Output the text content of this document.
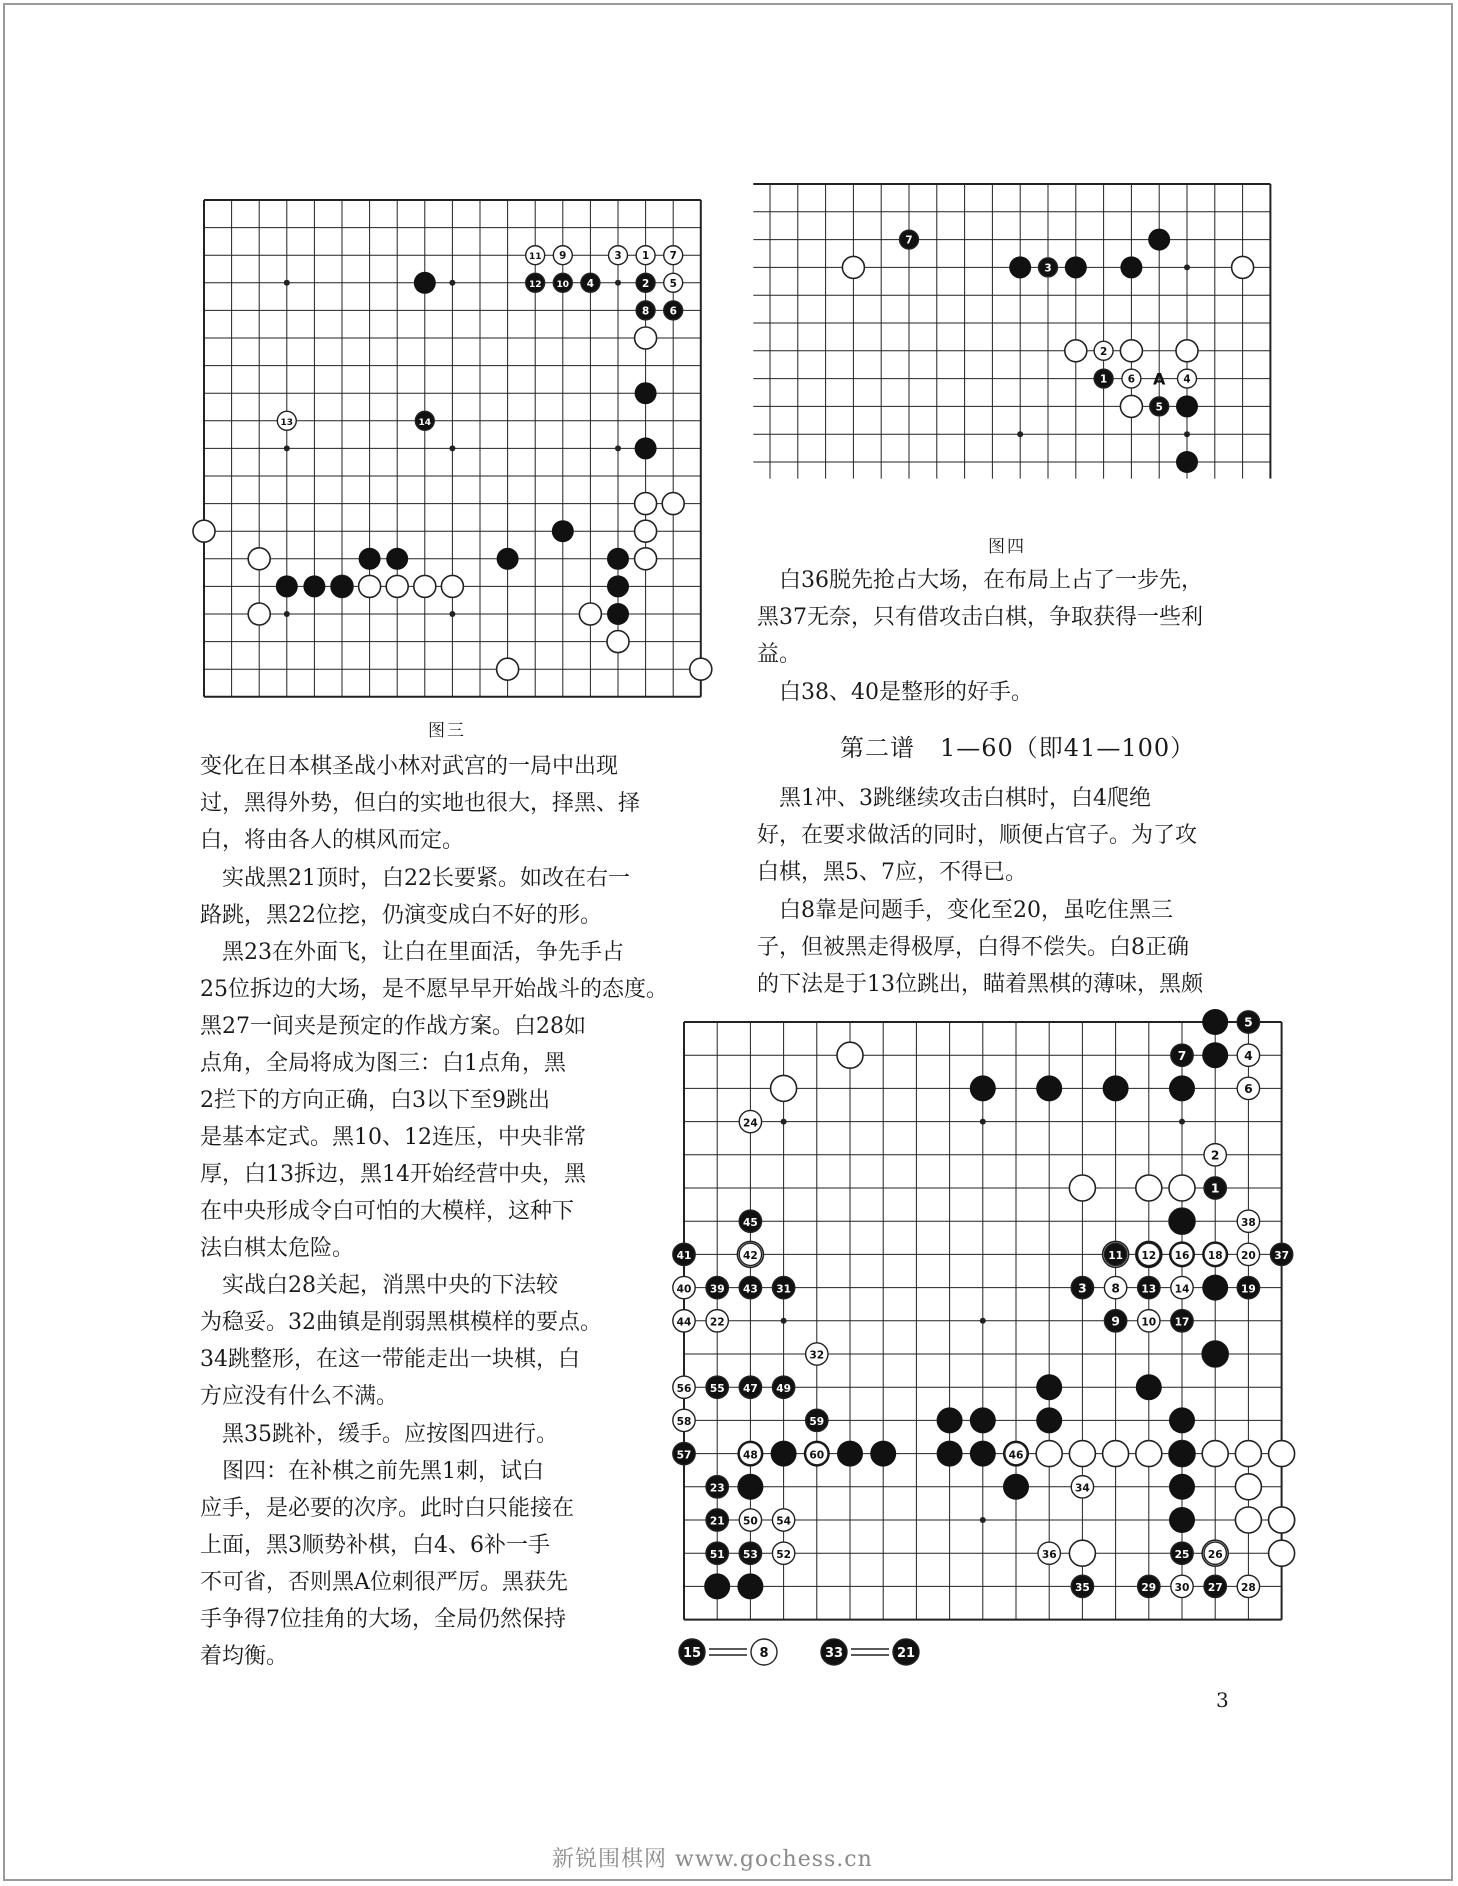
11 9	3 1 7
12 10 4	2 5
8 6
13	14
图三
7
3
2
1 6	4
5
A
图四
5
7	4
6
24
2
1
45	38
41	42	11 12 16 18 20 37
40 39 43 31	3 8 13 14	19
44 22	9 10 17
32
56 55 47 49
58	59
57	48	60	46
23	34
21 50 54
51 53 52	36	25 26
35	29 30 27 28
15	8	33	21

变化在日本棋圣战小林对武宫的一局中出现
过，黑得外势，但白的实地也很大，择黑、择
白，将由各人的棋风而定。

　实战黑21顶时，白22长要紧。如改在右一
路跳，黑22位挖，仍演变成白不好的形。

　黑23在外面飞，让白在里面活，争先手占
25位拆边的大场，是不愿早早开始战斗的态度。

黑27一间夹是预定的作战方案。白28如
点角，全局将成为图三：白1点角，黑
2拦下的方向正确，白3以下至9跳出
是基本定式。黑10、12连压，中央非常
厚，白13拆边，黑14开始经营中央，黑
在中央形成令白可怕的大模样，这种下
法白棋太危险。

　实战白28关起，消黑中央的下法较
为稳妥。32曲镇是削弱黑棋模样的要点。
34跳整形，在这一带能走出一块棋，白
方应没有什么不满。

　黑35跳补，缓手。应按图四进行。

　图四：在补棋之前先黑1刺，试白
应手，是必要的次序。此时白只能接在
上面，黑3顺势补棋，白4、6补一手
不可省，否则黑A位刺很严厉。黑获先
手争得7位挂角的大场，全局仍然保持
着均衡。

　白36脱先抢占大场，在布局上占了一步先，
黑37无奈，只有借攻击白棋，争取获得一些利
益。

　白38、40是整形的好手。

第二谱　1—60（即41—100）

　黑1冲、3跳继续攻击白棋时，白4爬绝
好，在要求做活的同时，顺便占官子。为了攻
白棋，黑5、7应，不得已。

　白8靠是问题手，变化至20，虽吃住黑三
子，但被黑走得极厚，白得不偿失。白8正确
的下法是于13位跳出，瞄着黑棋的薄味，黑颇

3
新锐围棋网 www.gochess.cn
